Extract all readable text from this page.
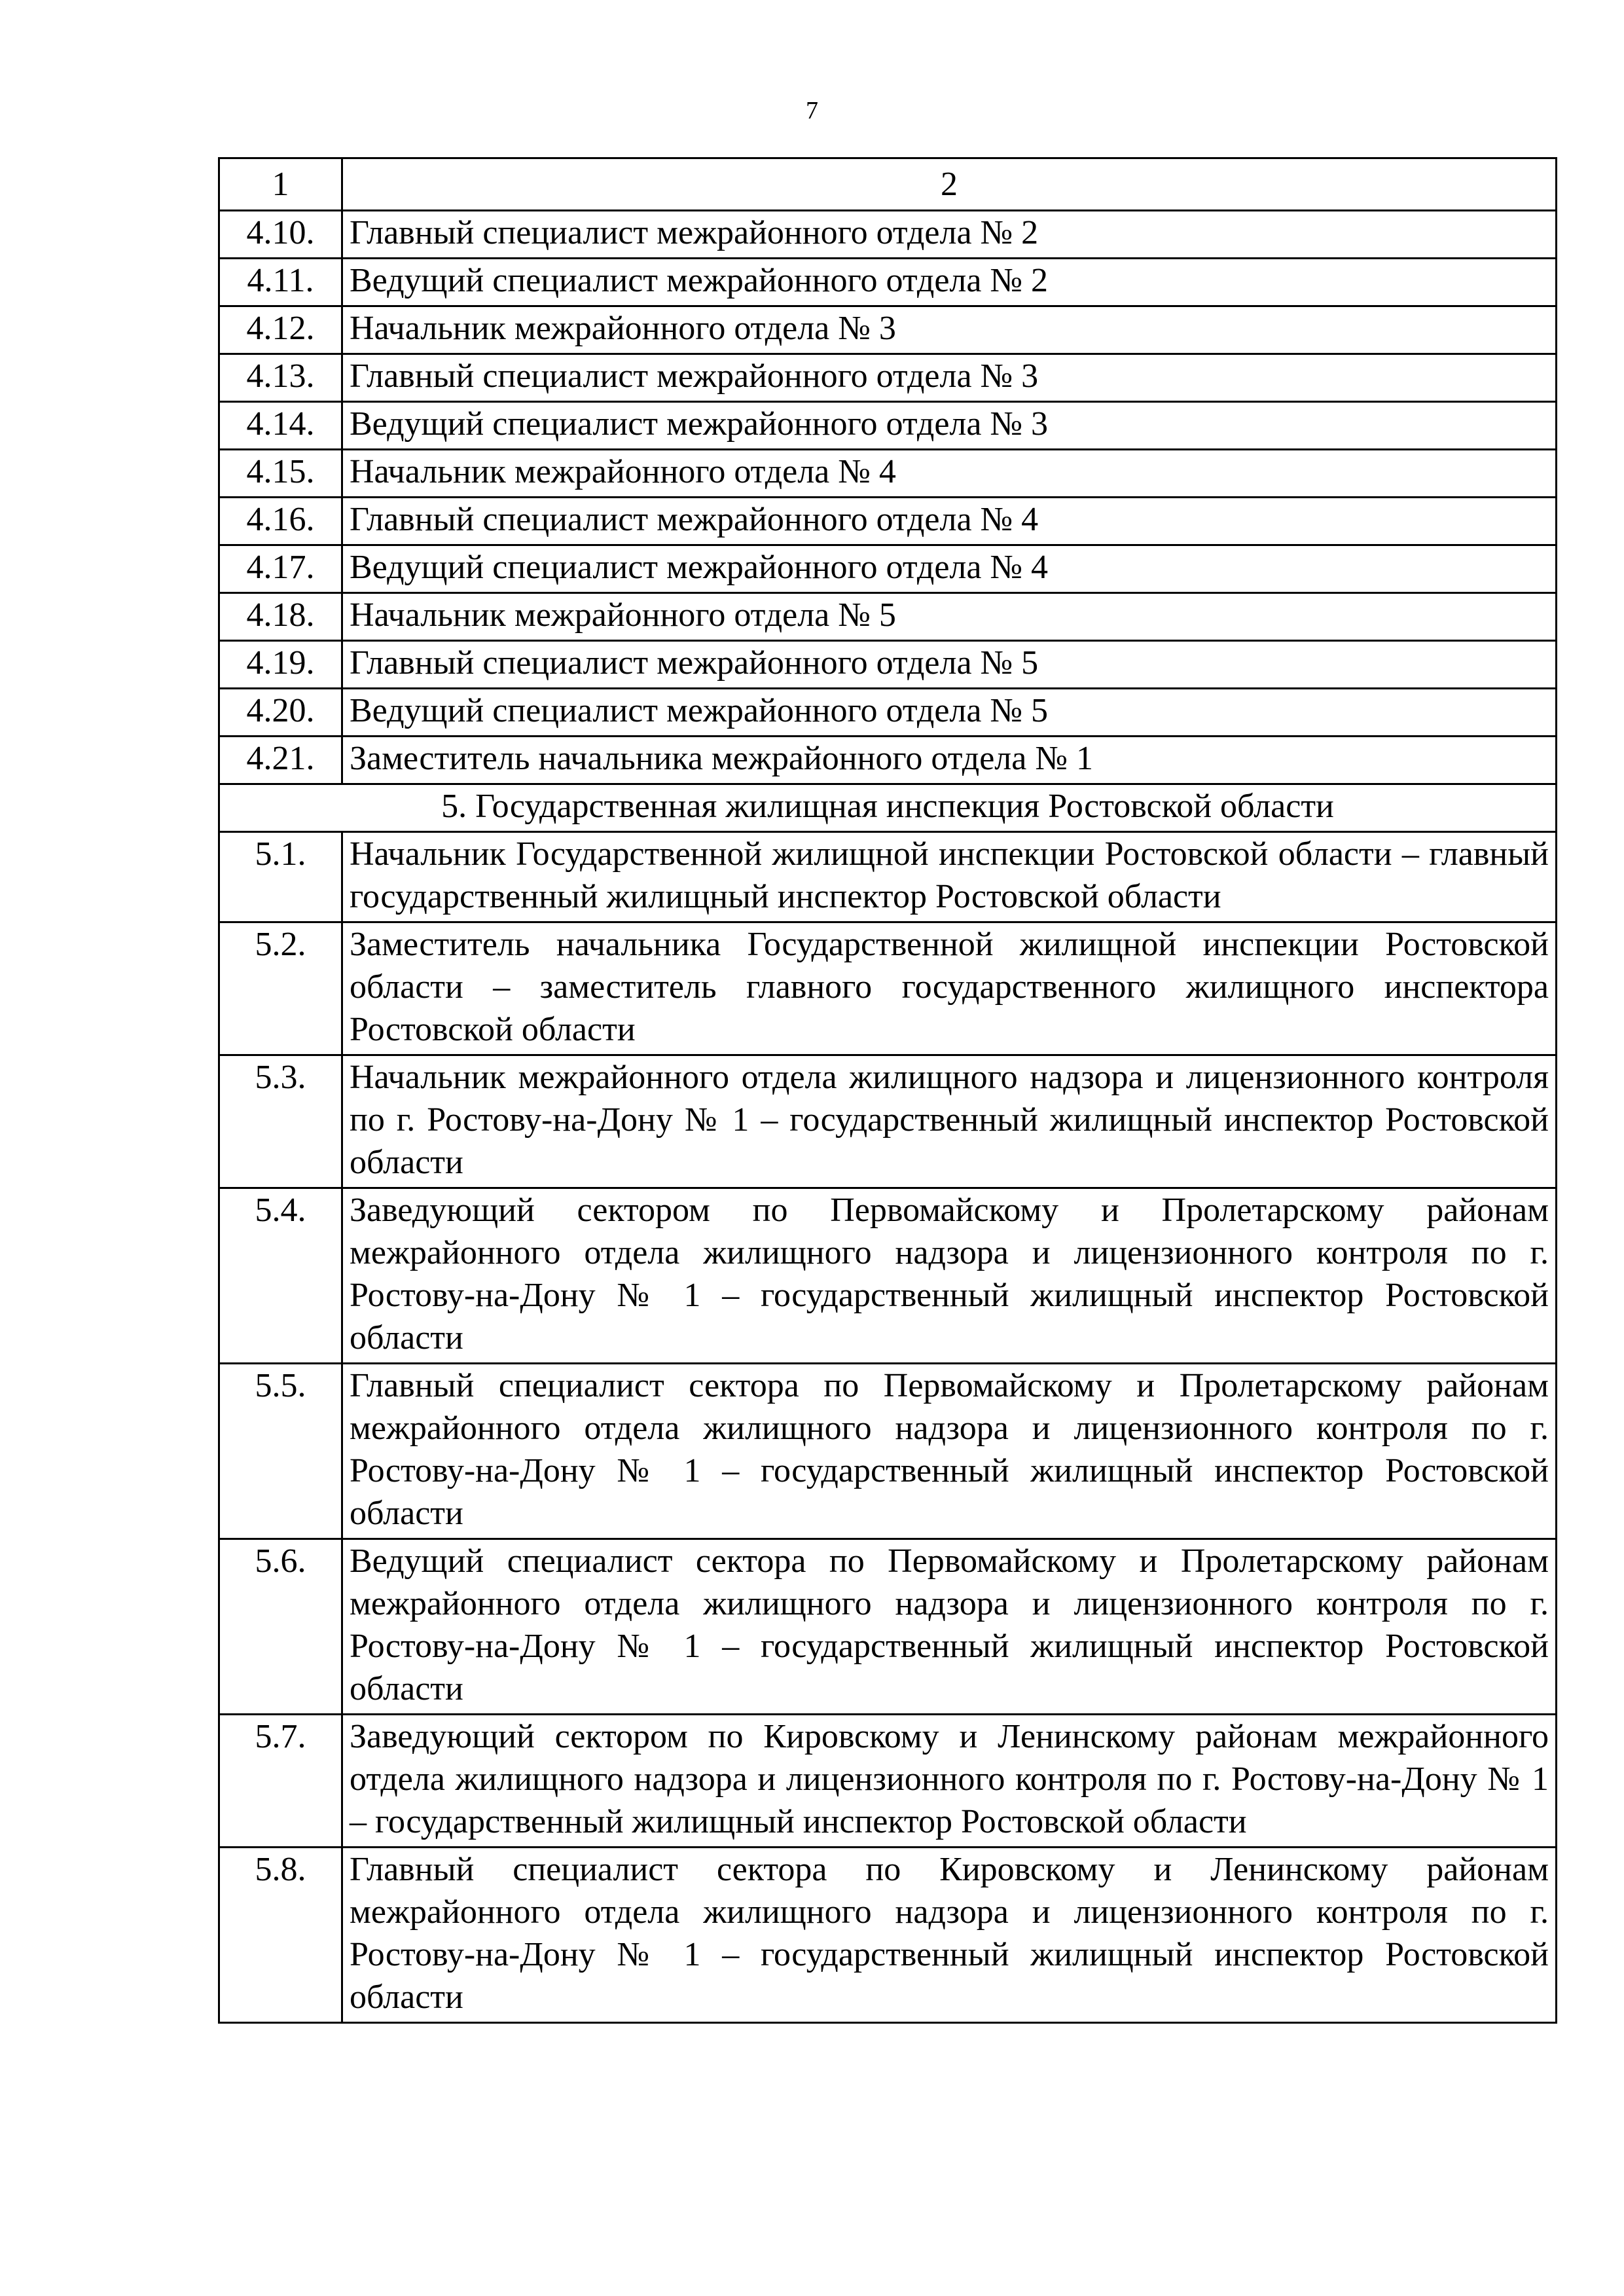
7
1	2
4.10.	Главный специалист межрайонного отдела № 2
4.11.	Ведущий специалист межрайонного отдела № 2
4.12.	Начальник межрайонного отдела № 3
4.13.	Главный специалист межрайонного отдела № 3
4.14.	Ведущий специалист межрайонного отдела № 3
4.15.	Начальник межрайонного отдела № 4
4.16.	Главный специалист межрайонного отдела № 4
4.17.	Ведущий специалист межрайонного отдела № 4
4.18.	Начальник межрайонного отдела № 5
4.19.	Главный специалист межрайонного отдела № 5
4.20.	Ведущий специалист межрайонного отдела № 5
4.21.	Заместитель начальника межрайонного отдела № 1
5. Государственная жилищная инспекция Ростовской области	
5.1.	Начальник Государственной жилищной инспекции Ростовской области – главный государственный жилищный инспектор Ростовской области
5.2.	Заместитель начальника Государственной жилищной инспекции Ростовской области – заместитель главного государственного жилищного инспектора Ростовской области
5.3.	Начальник межрайонного отдела жилищного надзора и лицензионного контроля по г. Ростову-на-Дону № 1 – государственный жилищный инспектор Ростовской области
5.4.	Заведующий сектором по Первомайскому и Пролетарскому районам межрайонного отдела жилищного надзора и лицензионного контроля по г. Ростову-на-Дону № 1 – государственный жилищный инспектор Ростовской области
5.5.	Главный специалист сектора по Первомайскому и Пролетарскому районам межрайонного отдела жилищного надзора и лицензионного контроля по г. Ростову-на-Дону № 1 – государственный жилищный инспектор Ростовской области
5.6.	Ведущий специалист сектора по Первомайскому и Пролетарскому районам межрайонного отдела жилищного надзора и лицензионного контроля по г. Ростову-на-Дону № 1 – государственный жилищный инспектор Ростовской области
5.7.	Заведующий сектором по Кировскому и Ленинскому районам межрайонного отдела жилищного надзора и лицензионного контроля по г. Ростову-на-Дону № 1 – государственный жилищный инспектор Ростовской области
5.8.	Главный специалист сектора по Кировскому и Ленинскому районам межрайонного отдела жилищного надзора и лицензионного контроля по г. Ростову-на-Дону № 1 – государственный жилищный инспектор Ростовской области
